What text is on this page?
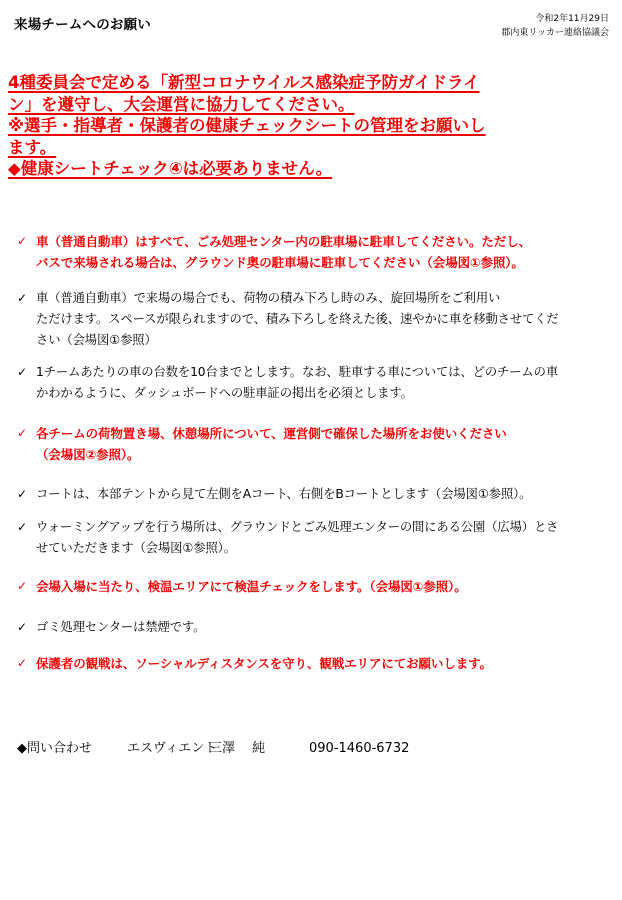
来場チームへのお願い	令和2年11月29日
郡内東リッカー連絡協議会
4種委員会で定める「新型コロナウイルス感染症予防ガイドライ
ン」を遵守し、大会運営に協力してください。
※選手・指導者・保護者の健康チェックシートの管理をお願いし
ます。
◆健康シートチェック④は必要ありません。
✓ 車（普通自動車）はすべて、ごみ処理センター内の駐車場に駐車してください。ただし、
バスで来場される場合は、グラウンド奥の駐車場に駐車してください（会場図①参照）。
✓ 車（普通自動車）で来場の場合でも、荷物の積み下ろし時のみ、旋回場所をご利用い
ただけます。スペースが限られますので、積み下ろしを終えた後、速やかに車を移動させてくだ
さい（会場図①参照）
✓ 1チームあたりの車の台数を10台までとします。なお、駐車する車については、どのチームの車
かわかるように、ダッシュボードへの駐車証の掲出を必須とします。
✓ 各チームの荷物置き場、休憩場所について、運営側で確保した場所をお使いください
（会場図②参照）。
✓ コートは、本部テントから見て左側をAコート、右側をBコートとします（会場図①参照）。
✓ ウォーミングアップを行う場所は、グラウンドとごみ処理エンターの間にある公園（広場）とさ
せていただきます（会場図①参照）。
✓ 会場入場に当たり、検温エリアにて検温チェックをします。（会場図①参照）。
✓ ゴミ処理センターは禁煙です。
✓ 保護者の観戦は、ソーシャルディスタンスを守り、観戦エリアにてお願いします。
◆問い合わせ	エスヴィエント三澤　 純	090-1460-6732
